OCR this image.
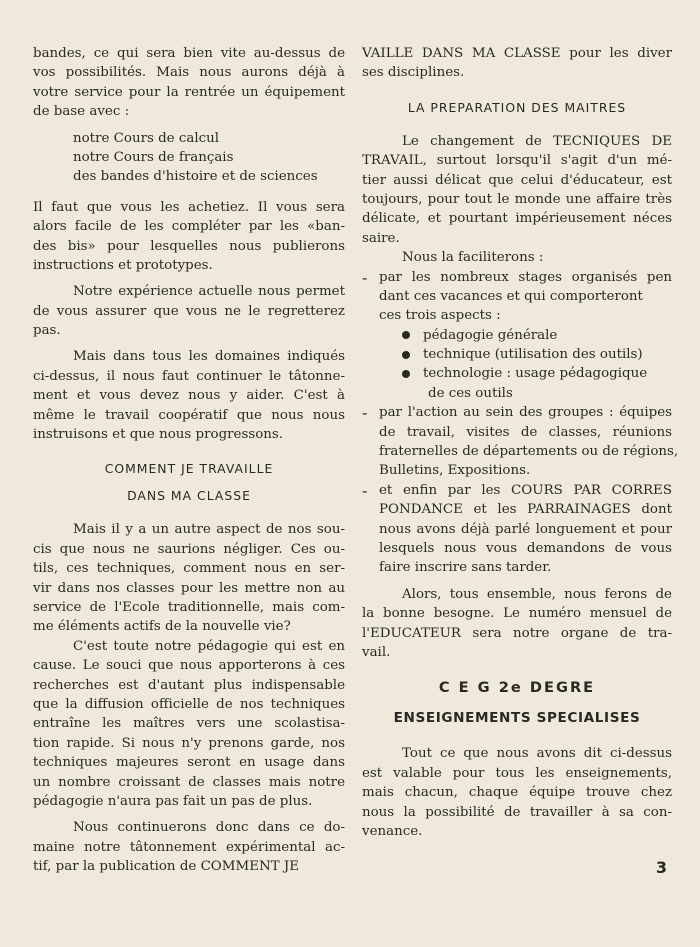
bandes, ce qui sera bien vite au-dessus de
vos possibilités. Mais nous aurons déjà à
votre service pour la rentrée un équipement
de base avec :
notre Cours de calcul
notre Cours de français
des bandes d'histoire et de sciences
Il faut que vous les achetiez. Il vous sera
alors facile de les compléter par les «ban-
des bis» pour lesquelles nous publierons
instructions et prototypes.
Notre expérience actuelle nous permet
de vous assurer que vous ne le regretterez
pas.
Mais dans tous les domaines indiqués
ci-dessus, il nous faut continuer le tâtonne-
ment et vous devez nous y aider. C'est à
même le travail coopératif que nous nous
instruisons et que nous progressons.
COMMENT JE TRAVAILLE
DANS MA CLASSE
Mais il y a un autre aspect de nos sou-
cis que nous ne saurions négliger. Ces ou-
tils, ces techniques, comment nous en ser-
vir dans nos classes pour les mettre non au
service de l'Ecole traditionnelle, mais com-
me éléments actifs de la nouvelle vie?
C'est toute notre pédagogie qui est en
cause. Le souci que nous apporterons à ces
recherches est d'autant plus indispensable
que la diffusion officielle de nos techniques
entraîne les maîtres vers une scolastisa-
tion rapide. Si nous n'y prenons garde, nos
techniques majeures seront en usage dans
un nombre croissant de classes mais notre
pédagogie n'aura pas fait un pas de plus.
Nous continuerons donc dans ce do-
maine notre tâtonnement expérimental ac-
tif, par la publication de COMMENT JE
VAILLE DANS MA CLASSE pour les diver
ses disciplines.
LA PREPARATION DES MAITRES
Le changement de TECNIQUES DE
TRAVAIL, surtout lorsqu'il s'agit d'un mé-
tier aussi délicat que celui d'éducateur, est
toujours, pour tout le monde une affaire très
délicate, et pourtant impérieusement néces
saire.
Nous la faciliterons :
- par les nombreux stages organisés pen
dant ces vacances et qui comporteront
ces trois aspects :
pédagogie générale
technique (utilisation des outils)
technologie : usage pédagogique
de ces outils
- par l'action au sein des groupes : équipes
de travail, visites de classes, réunions
fraternelles de départements ou de régions,
Bulletins, Expositions.
- et enfin par les COURS PAR CORRES
PONDANCE et les PARRAINAGES dont
nous avons déjà parlé longuement et pour
lesquels nous vous demandons de vous
faire inscrire sans tarder.
Alors, tous ensemble, nous ferons de
la bonne besogne. Le numéro mensuel de
l'EDUCATEUR sera notre organe de tra-
vail.
C E G 2e DEGRE
ENSEIGNEMENTS SPECIALISES
Tout ce que nous avons dit ci-dessus
est valable pour tous les enseignements,
mais chacun, chaque équipe trouve chez
nous la possibilité de travailler à sa con-
venance.
3
